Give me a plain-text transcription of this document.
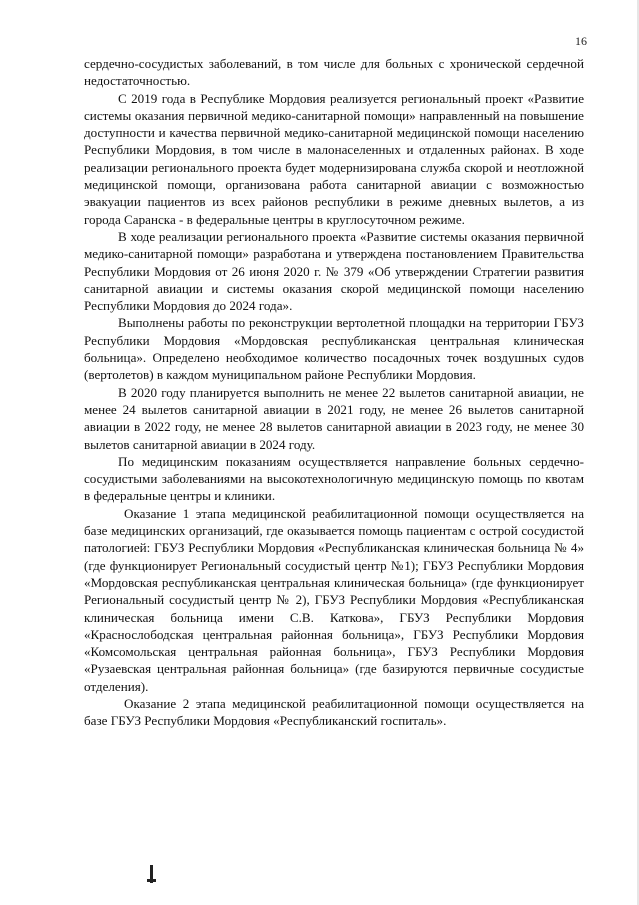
16

сердечно-сосудистых заболеваний, в том числе для больных с хронической сердечной недостаточностью.

С 2019 года в Республике Мордовия реализуется региональный проект «Развитие системы оказания первичной медико-санитарной помощи» направленный на повышение доступности и качества первичной медико-санитарной медицинской помощи населению Республики Мордовия, в том числе в малонаселенных и отдаленных районах. В ходе реализации регионального проекта будет модернизирована служба скорой и неотложной медицинской помощи, организована работа санитарной авиации с возможностью эвакуации пациентов из всех районов республики в режиме дневных вылетов, а из города Саранска - в федеральные центры в круглосуточном режиме.

В ходе реализации регионального проекта «Развитие системы оказания первичной медико-санитарной помощи» разработана и утверждена постановлением Правительства Республики Мордовия от 26 июня 2020 г. № 379 «Об утверждении Стратегии развития санитарной авиации и системы оказания скорой медицинской помощи населению Республики Мордовия до 2024 года».

Выполнены работы по реконструкции вертолетной площадки на территории ГБУЗ Республики Мордовия «Мордовская республиканская центральная клиническая больница». Определено необходимое количество посадочных точек воздушных судов (вертолетов) в каждом муниципальном районе Республики Мордовия.

В 2020 году планируется выполнить не менее 22 вылетов санитарной авиации, не менее 24 вылетов санитарной авиации в 2021 году, не менее 26 вылетов санитарной авиации в 2022 году, не менее 28 вылетов санитарной авиации в 2023 году, не менее 30 вылетов санитарной авиации в 2024 году.

По медицинским показаниям осуществляется направление больных сердечно-сосудистыми заболеваниями на высокотехнологичную медицинскую помощь по квотам в федеральные центры и клиники.

Оказание 1 этапа медицинской реабилитационной помощи осуществляется на базе медицинских организаций, где оказывается помощь пациентам с острой сосудистой патологией: ГБУЗ Республики Мордовия «Республиканская клиническая больница № 4» (где функционирует Региональный сосудистый центр №1); ГБУЗ Республики Мордовия «Мордовская республиканская центральная клиническая больница» (где функционирует Региональный сосудистый центр № 2), ГБУЗ Республики Мордовия «Республиканская клиническая больница имени С.В. Каткова», ГБУЗ Республики Мордовия «Краснослободская центральная районная больница», ГБУЗ Республики Мордовия «Комсомольская центральная районная больница», ГБУЗ Республики Мордовия «Рузаевская центральная районная больница» (где базируются первичные сосудистые отделения).

Оказание 2 этапа медицинской реабилитационной помощи осуществляется на базе ГБУЗ Республики Мордовия «Республиканский госпиталь».
